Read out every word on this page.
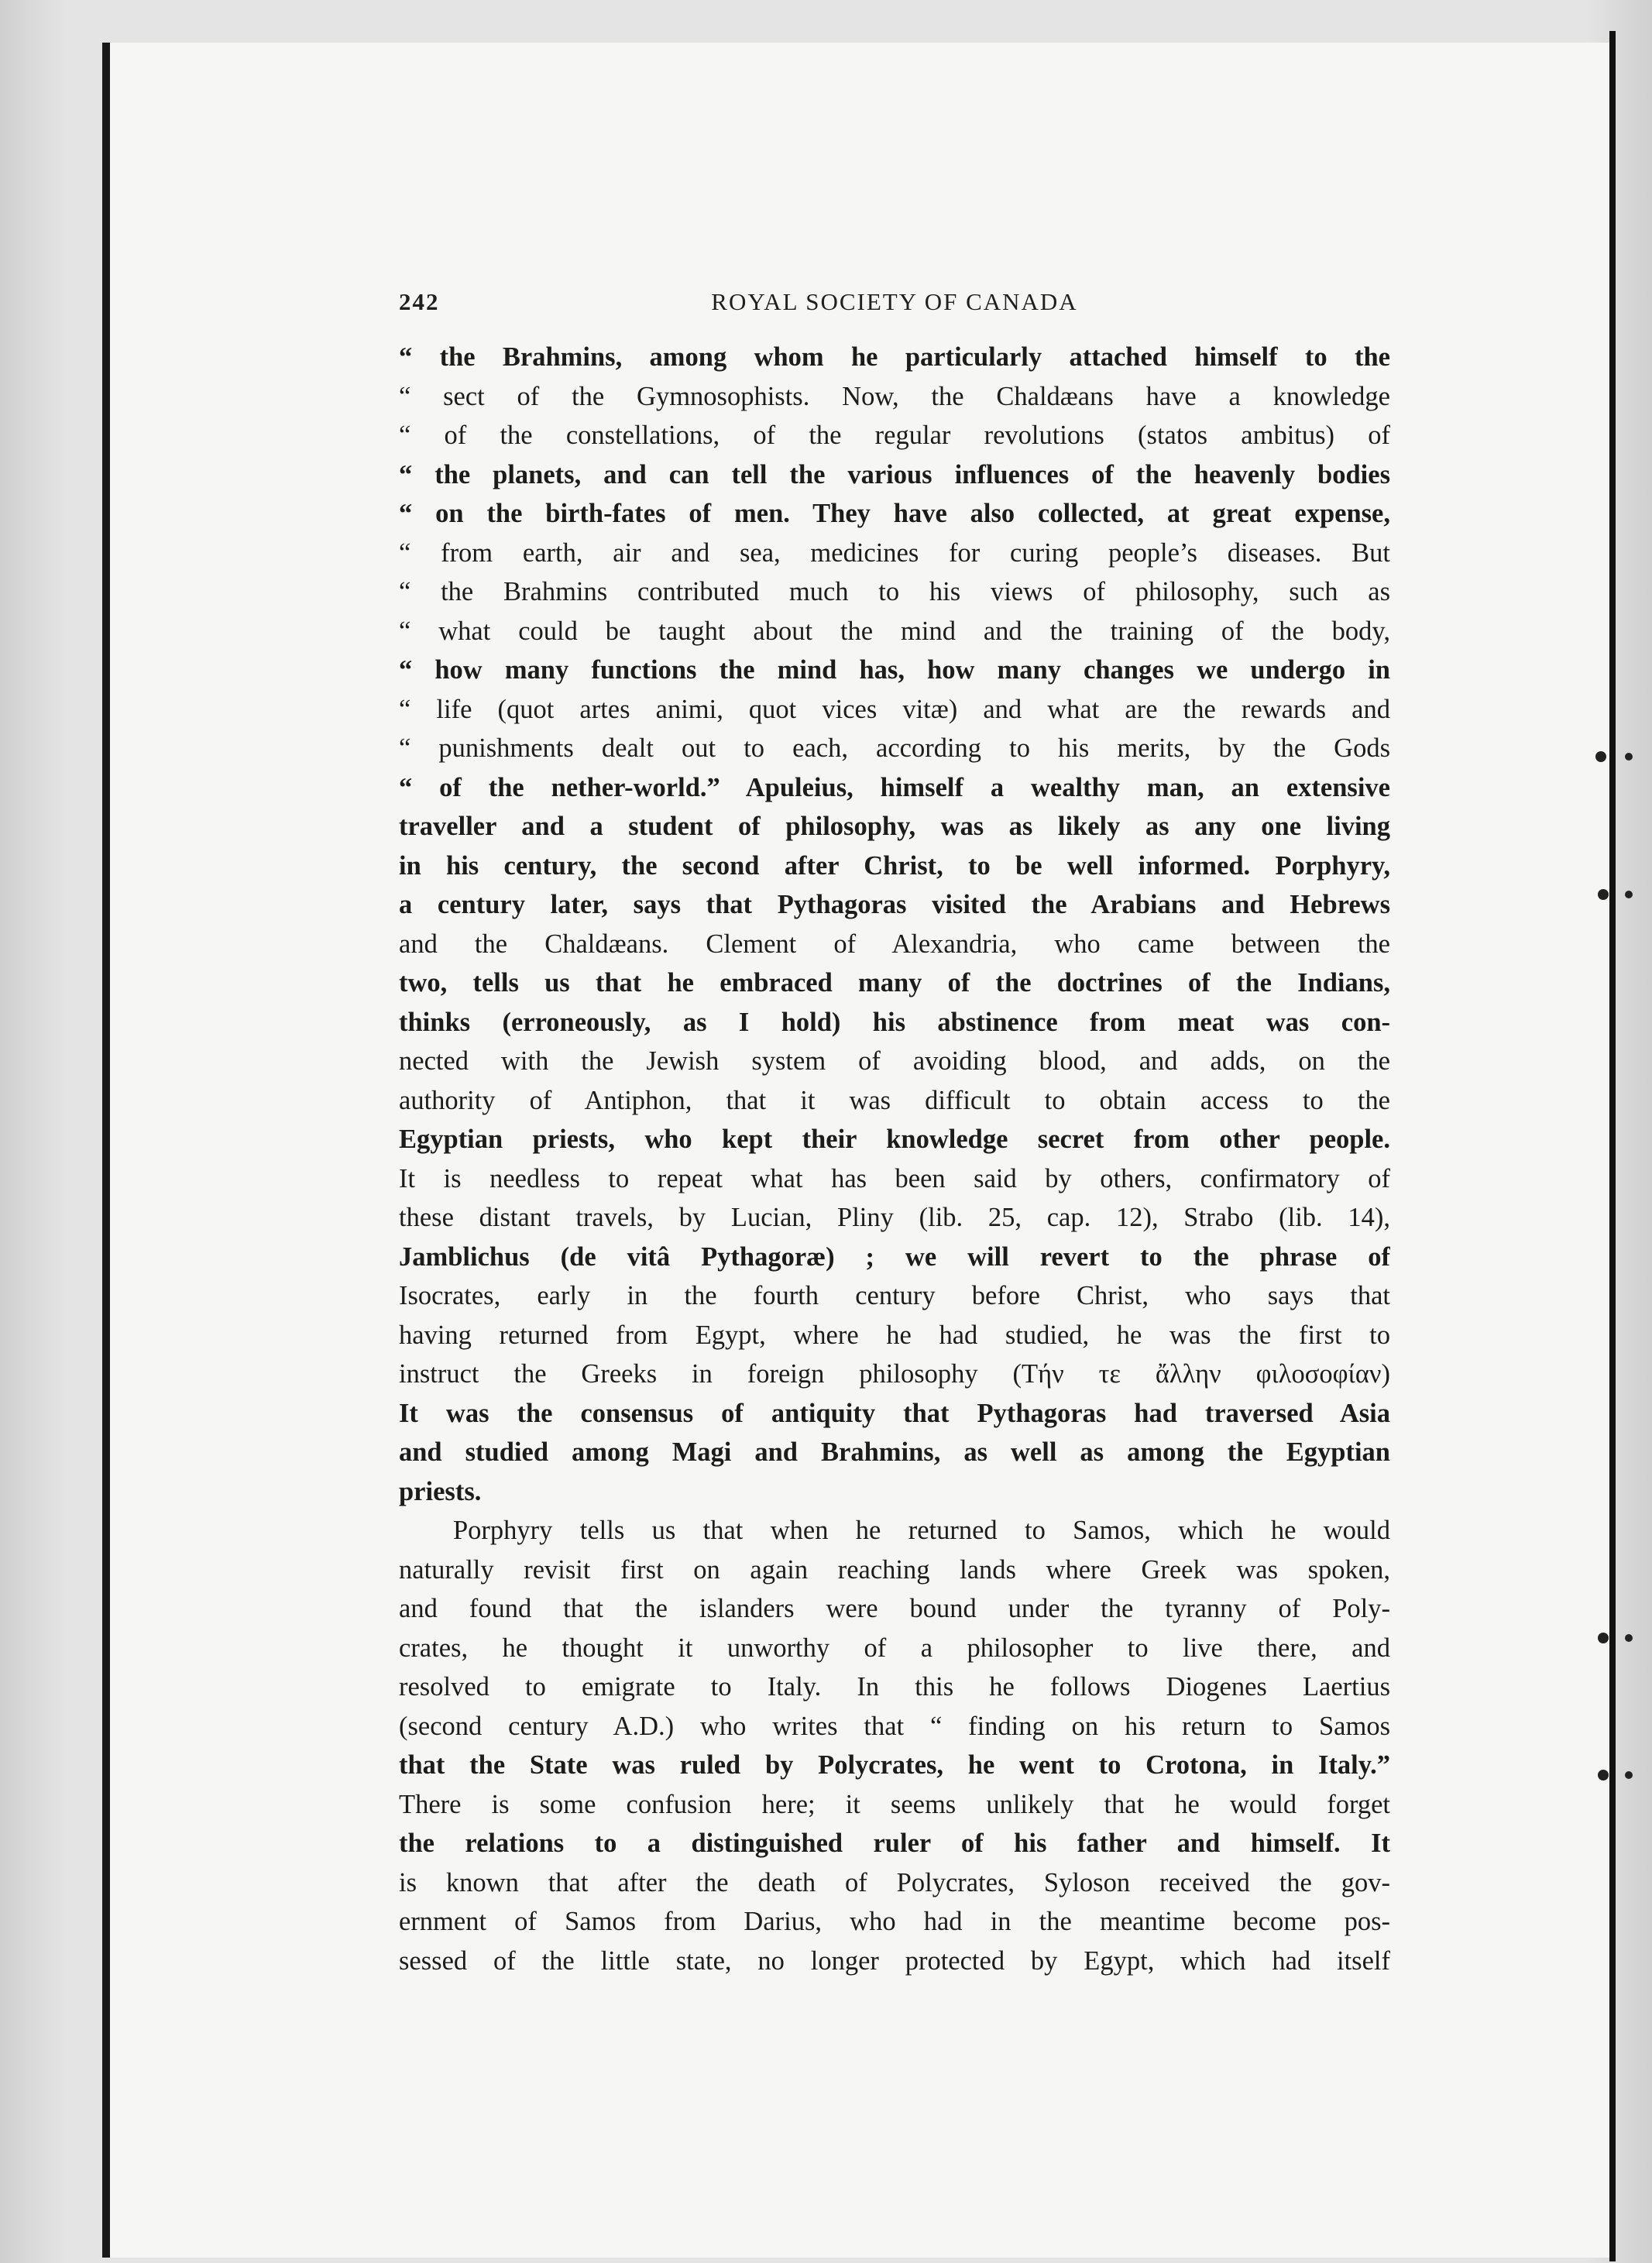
242	ROYAL SOCIETY OF CANADA
“ the Brahmins, among whom he particularly attached himself to the
“ sect of the Gymnosophists. Now, the Chaldæans have a knowledge
“ of the constellations, of the regular revolutions (statos ambitus) of
“ the planets, and can tell the various influences of the heavenly bodies
“ on the birth-fates of men. They have also collected, at great expense,
“ from earth, air and sea, medicines for curing people’s diseases. But
“ the Brahmins contributed much to his views of philosophy, such as
“ what could be taught about the mind and the training of the body,
“ how many functions the mind has, how many changes we undergo in
“ life (quot artes animi, quot vices vitæ) and what are the rewards and
“ punishments dealt out to each, according to his merits, by the Gods
“ of the nether-world.” Apuleius, himself a wealthy man, an extensive
traveller and a student of philosophy, was as likely as any one living
in his century, the second after Christ, to be well informed. Porphyry,
a century later, says that Pythagoras visited the Arabians and Hebrews
and the Chaldæans. Clement of Alexandria, who came between the
two, tells us that he embraced many of the doctrines of the Indians,
thinks (erroneously, as I hold) his abstinence from meat was con-
nected with the Jewish system of avoiding blood, and adds, on the
authority of Antiphon, that it was difficult to obtain access to the
Egyptian priests, who kept their knowledge secret from other people.
It is needless to repeat what has been said by others, confirmatory of
these distant travels, by Lucian, Pliny (lib. 25, cap. 12), Strabo (lib. 14),
Jamblichus (de vitâ Pythagoræ) ; we will revert to the phrase of
Isocrates, early in the fourth century before Christ, who says that
having returned from Egypt, where he had studied, he was the first to
instruct the Greeks in foreign philosophy (Τήν τε ἄλλην φιλοσοφίαν)
It was the consensus of antiquity that Pythagoras had traversed Asia
and studied among Magi and Brahmins, as well as among the Egyptian
priests.
Porphyry tells us that when he returned to Samos, which he would
naturally revisit first on again reaching lands where Greek was spoken,
and found that the islanders were bound under the tyranny of Poly-
crates, he thought it unworthy of a philosopher to live there, and
resolved to emigrate to Italy. In this he follows Diogenes Laertius
(second century A.D.) who writes that “ finding on his return to Samos
that the State was ruled by Polycrates, he went to Crotona, in Italy.”
There is some confusion here; it seems unlikely that he would forget
the relations to a distinguished ruler of his father and himself. It
is known that after the death of Polycrates, Syloson received the gov-
ernment of Samos from Darius, who had in the meantime become pos-
sessed of the little state, no longer protected by Egypt, which had itself
